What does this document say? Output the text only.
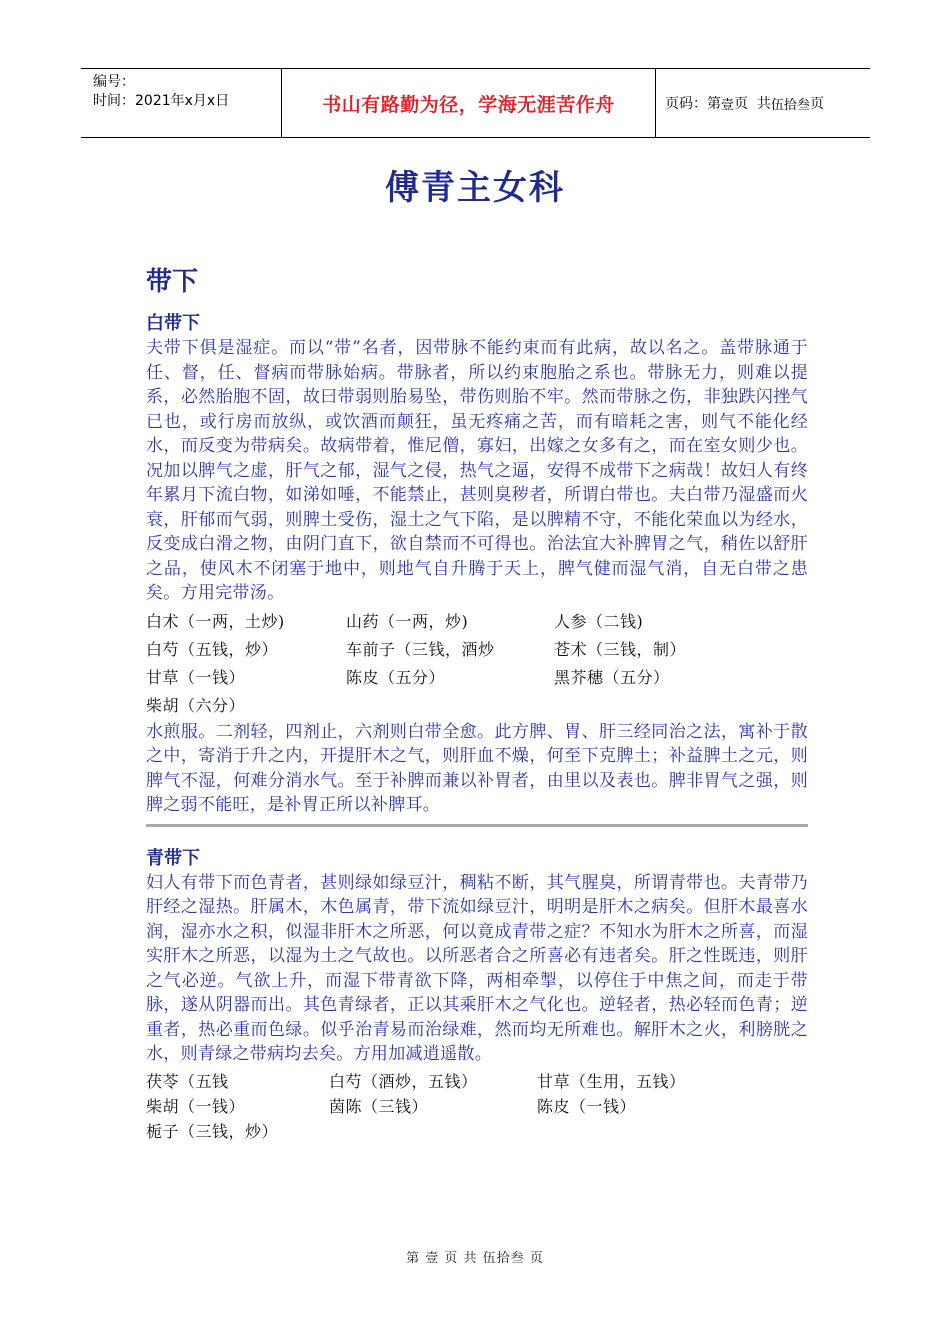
编号：
时间：2021年x月x日	书山有路勤为径，学海无涯苦作舟	页码：第 壹 页  共 伍拾叁 页
傅青主女科
带下
白带下

夫带下俱是湿症。而以“带”名者，因带脉不能约束而有此病，故以名之。盖带脉通于任、督，任、督病而带脉始病。带脉者，所以约束胞胎之系也。带脉无力，则难以提系，必然胎胞不固，故曰带弱则胎易坠，带伤则胎不牢。然而带脉之伤，非独跌闪挫气已也，或行房而放纵，或饮酒而颠狂，虽无疼痛之苦，而有暗耗之害，则气不能化经水，而反变为带病矣。故病带着，惟尼僧，寡妇，出嫁之女多有之，而在室女则少也。况加以脾气之虚，肝气之郁，湿气之侵，热气之逼，安得不成带下之病哉！故妇人有终年累月下流白物，如涕如唾，不能禁止，甚则臭秽者，所谓白带也。夫白带乃湿盛而火衰，肝郁而气弱，则脾土受伤，湿土之气下陷，是以脾精不守，不能化荣血以为经水，反变成白滑之物，由阴门直下，欲自禁而不可得也。治法宜大补脾胃之气，稍佐以舒肝之品，使风木不闭塞于地中，则地气自升腾于天上，脾气健而湿气消，自无白带之患矣。方用完带汤。

白术（一两，土炒)	山药（一两，炒)	人参（二钱)
白芍（五钱，炒）	车前子（三钱，酒炒	苍术（三钱，制）
甘草（一钱）	陈皮（五分）	黑芥穗（五分）
柴胡（六分）

水煎服。二剂轻，四剂止，六剂则白带全愈。此方脾、胃、肝三经同治之法，寓补于散之中，寄消于升之内，开提肝木之气，则肝血不燥，何至下克脾土；补益脾土之元，则脾气不湿，何难分消水气。至于补脾而兼以补胃者，由里以及表也。脾非胃气之强，则脾之弱不能旺，是补胃正所以补脾耳。

青带下

妇人有带下而色青者，甚则绿如绿豆汁，稠粘不断，其气腥臭，所谓青带也。夫青带乃肝经之湿热。肝属木，木色属青，带下流如绿豆汁，明明是肝木之病矣。但肝木最喜水润，湿亦水之积，似湿非肝木之所恶，何以竟成青带之症？不知水为肝木之所喜，而湿实肝木之所恶，以湿为土之气故也。以所恶者合之所喜必有违者矣。肝之性既违，则肝之气必逆。气欲上升，而湿下带青欲下降，两相牵掣，以停住于中焦之间，而走于带脉，遂从阴器而出。其色青绿者，正以其乘肝木之气化也。逆轻者，热必轻而色青；逆重者，热必重而色绿。似乎治青易而治绿难，然而均无所难也。解肝木之火，利膀胱之水，则青绿之带病均去矣。方用加减逍遥散。

茯苓（五钱	白芍（酒炒，五钱）	甘草（生用，五钱）
柴胡（一钱）	茵陈（三钱）	陈皮（一钱）
栀子（三钱，炒）
第 壹 页 共 伍拾叁 页
